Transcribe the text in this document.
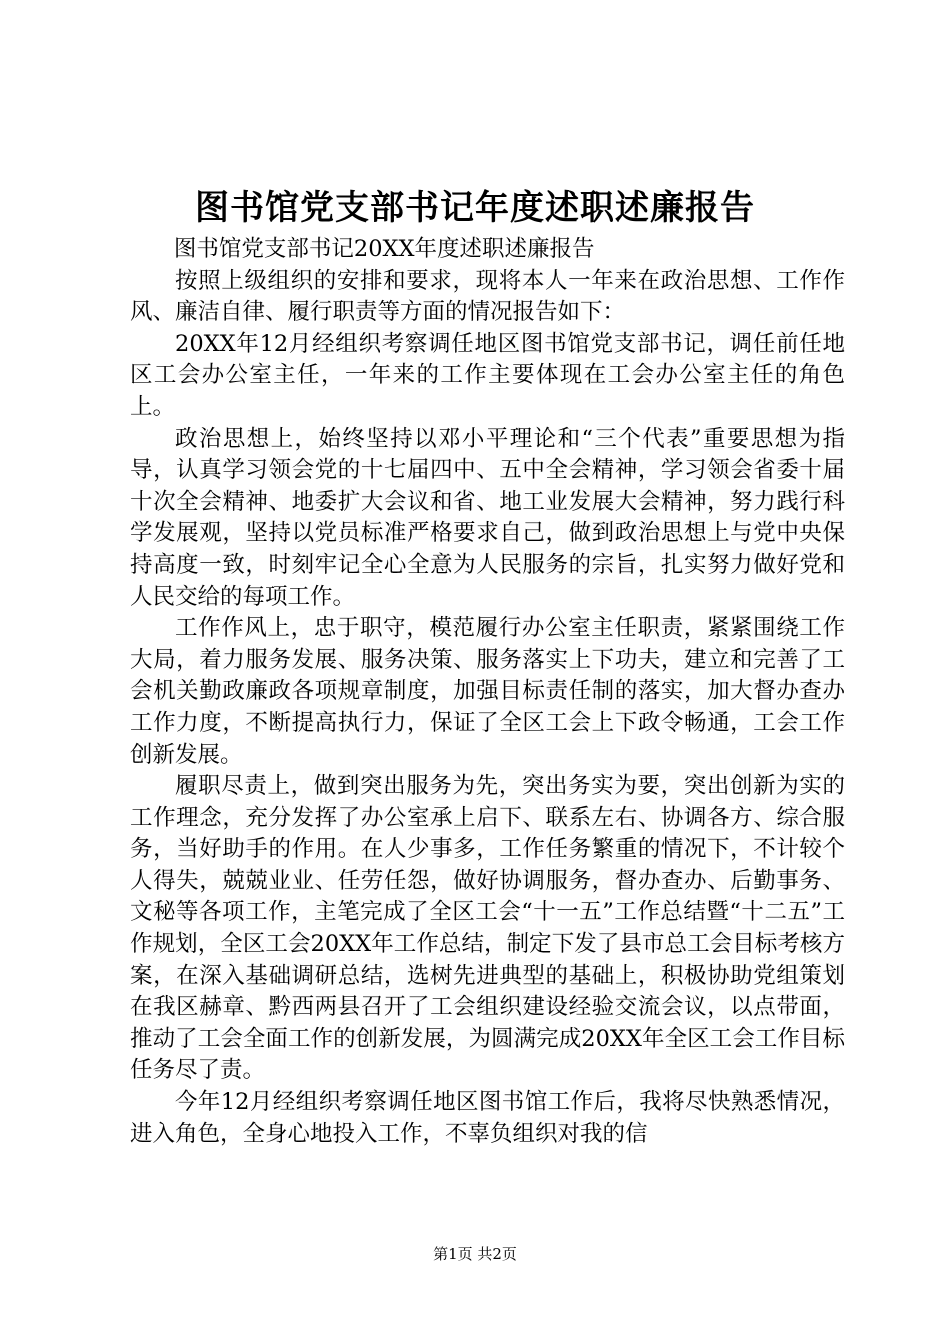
图书馆党支部书记年度述职述廉报告

图书馆党支部书记20XX年度述职述廉报告

按照上级组织的安排和要求，现将本人一年来在政治思想、工作作风、廉洁自律、履行职责等方面的情况报告如下：

20XX年12月经组织考察调任地区图书馆党支部书记，调任前任地区工会办公室主任，一年来的工作主要体现在工会办公室主任的角色上。

政治思想上，始终坚持以邓小平理论和“三个代表”重要思想为指导，认真学习领会党的十七届四中、五中全会精神，学习领会省委十届十次全会精神、地委扩大会议和省、地工业发展大会精神，努力践行科学发展观，坚持以党员标准严格要求自己，做到政治思想上与党中央保持高度一致，时刻牢记全心全意为人民服务的宗旨，扎实努力做好党和人民交给的每项工作。

工作作风上，忠于职守，模范履行办公室主任职责，紧紧围绕工作大局，着力服务发展、服务决策、服务落实上下功夫，建立和完善了工会机关勤政廉政各项规章制度，加强目标责任制的落实，加大督办查办工作力度，不断提高执行力，保证了全区工会上下政令畅通，工会工作创新发展。

履职尽责上，做到突出服务为先，突出务实为要，突出创新为实的工作理念，充分发挥了办公室承上启下、联系左右、协调各方、综合服务，当好助手的作用。在人少事多，工作任务繁重的情况下，不计较个人得失，兢兢业业、任劳任怨，做好协调服务，督办查办、后勤事务、文秘等各项工作，主笔完成了全区工会“十一五”工作总结暨“十二五”工作规划，全区工会20XX年工作总结，制定下发了县市总工会目标考核方案，在深入基础调研总结，选树先进典型的基础上，积极协助党组策划在我区赫章、黔西两县召开了工会组织建设经验交流会议，以点带面，推动了工会全面工作的创新发展，为圆满完成20XX年全区工会工作目标任务尽了责。

今年12月经组织考察调任地区图书馆工作后，我将尽快熟悉情况，进入角色，全身心地投入工作，不辜负组织对我的信

第1页 共2页
